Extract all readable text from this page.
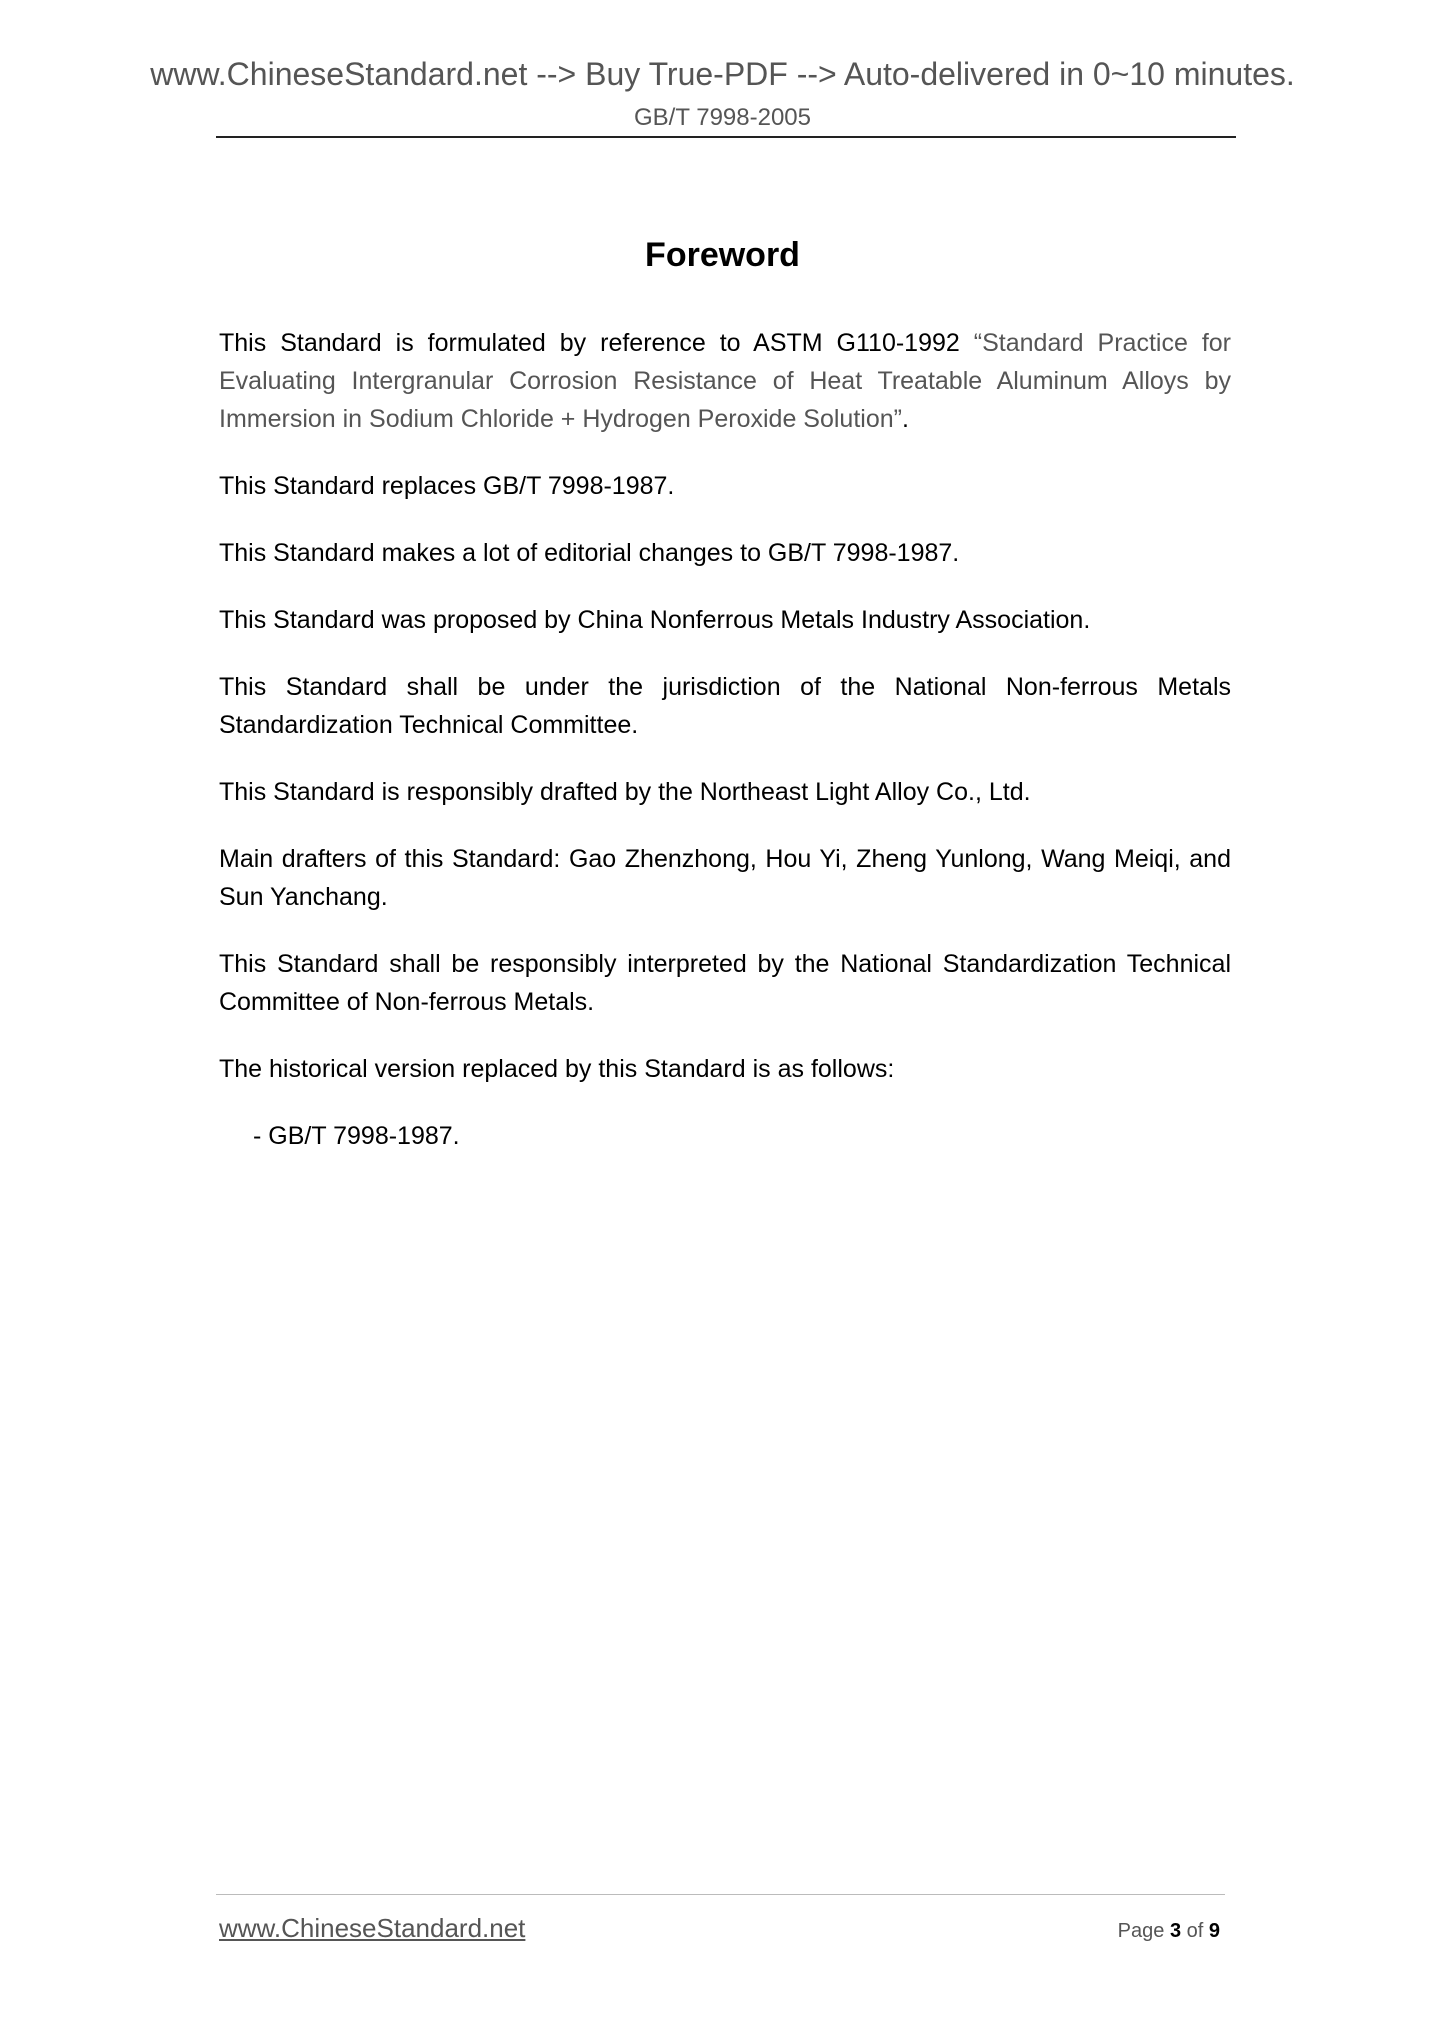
www.ChineseStandard.net --> Buy True-PDF --> Auto-delivered in 0~10 minutes.
GB/T 7998-2005
Foreword

This Standard is formulated by reference to ASTM G110-1992 “Standard Practice for Evaluating Intergranular Corrosion Resistance of Heat Treatable Aluminum Alloys by Immersion in Sodium Chloride + Hydrogen Peroxide Solution”.

This Standard replaces GB/T 7998-1987.

This Standard makes a lot of editorial changes to GB/T 7998-1987.

This Standard was proposed by China Nonferrous Metals Industry Association.

This Standard shall be under the jurisdiction of the National Non-ferrous Metals Standardization Technical Committee.

This Standard is responsibly drafted by the Northeast Light Alloy Co., Ltd.

Main drafters of this Standard: Gao Zhenzhong, Hou Yi, Zheng Yunlong, Wang Meiqi, and Sun Yanchang.

This Standard shall be responsibly interpreted by the National Standardization Technical Committee of Non-ferrous Metals.

The historical version replaced by this Standard is as follows:

- GB/T 7998-1987.

www.ChineseStandard.net	Page 3 of 9
